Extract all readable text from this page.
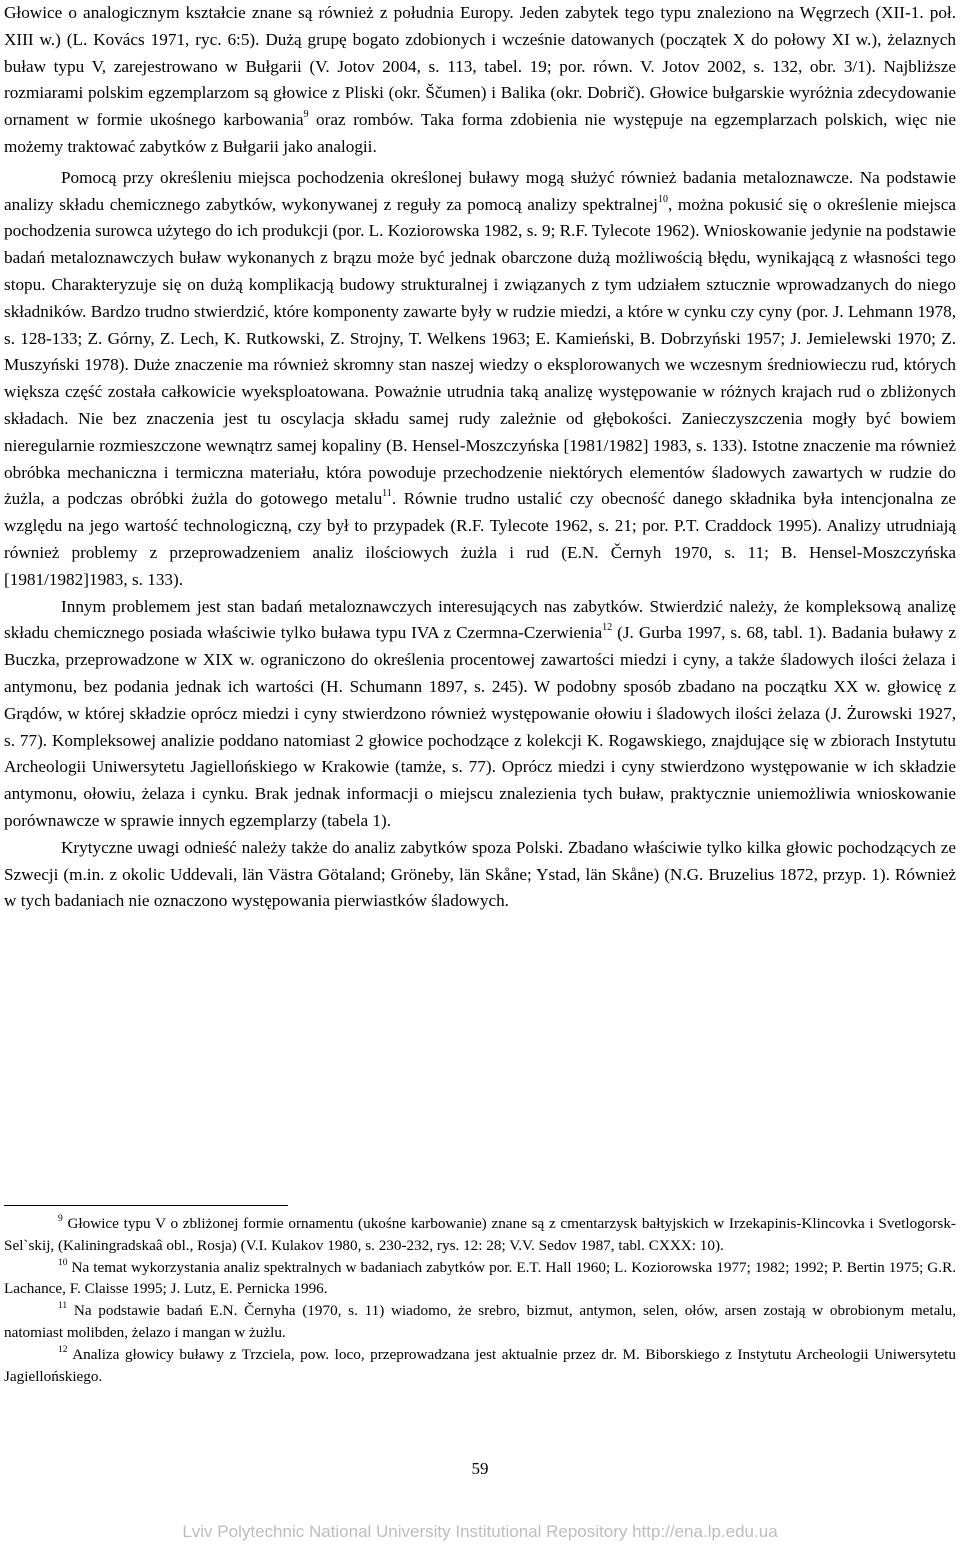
Głowice o analogicznym kształcie znane są również z południa Europy. Jeden zabytek tego typu znaleziono na Węgrzech (XII-1. poł. XIII w.) (L. Kovács 1971, ryc. 6:5). Dużą grupę bogato zdobionych i wcześnie datowanych (początek X do połowy XI w.), żelaznych buław typu V, zarejestrowano w Bułgarii (V. Jotov 2004, s. 113, tabel. 19; por. równ. V. Jotov 2002, s. 132, obr. 3/1). Najbliższe rozmiarami polskim egzemplarzom są głowice z Pliski (okr. Ščumen) i Balika (okr. Dobrič). Głowice bułgarskie wyróżnia zdecydowanie ornament w formie ukośnego karbowania$^9$ oraz rombów. Taka forma zdobienia nie występuje na egzemplarzach polskich, więc nie możemy traktować zabytków z Bułgarii jako analogii.

Pomocą przy określeniu miejsca pochodzenia określonej buławy mogą służyć również badania metaloznawcze. Na podstawie analizy składu chemicznego zabytków, wykonywanej z reguły za pomocą analizy spektralnej$^{10}$, można pokusić się o określenie miejsca pochodzenia surowca użytego do ich produkcji (por. L. Koziorowska 1982, s. 9; R.F. Tylecote 1962). Wnioskowanie jedynie na podstawie badań metaloznawczych buław wykonanych z brązu może być jednak obarczone dużą możliwością błędu, wynikającą z własności tego stopu. Charakteryzuje się on dużą komplikacją budowy strukturalnej i związanych z tym udziałem sztucznie wprowadzanych do niego składników. Bardzo trudno stwierdzić, które komponenty zawarte były w rudzie miedzi, a które w cynku czy cyny (por. J. Lehmann 1978, s. 128-133; Z. Górny, Z. Lech, K. Rutkowski, Z. Strojny, T. Welkens 1963; E. Kamieński, B. Dobrzyński 1957; J. Jemielewski 1970; Z. Muszyński 1978). Duże znaczenie ma również skromny stan naszej wiedzy o eksplorowanych we wczesnym średniowieczu rud, których większa część została całkowicie wyeksploatowana. Poważnie utrudnia taką analizę występowanie w różnych krajach rud o zbliżonych składach. Nie bez znaczenia jest tu oscylacja składu samej rudy zależnie od głębokości. Zanieczyszczenia mogły być bowiem nieregularnie rozmieszczone wewnątrz samej kopaliny (B. Hensel-Moszczyńska [1981/1982] 1983, s. 133). Istotne znaczenie ma również obróbka mechaniczna i termiczna materiału, która powoduje przechodzenie niektórych elementów śladowych zawartych w rudzie do żużla, a podczas obróbki żużla do gotowego metalu$^{11}$. Równie trudno ustalić czy obecność danego składnika była intencjonalna ze względu na jego wartość technologiczną, czy był to przypadek (R.F. Tylecote 1962, s. 21; por. P.T. Craddock 1995). Analizy utrudniają również problemy z przeprowadzeniem analiz ilościowych żużla i rud (E.N. Černyh 1970, s. 11; B. Hensel-Moszczyńska [1981/1982]1983, s. 133).

Innym problemem jest stan badań metaloznawczych interesujących nas zabytków. Stwierdzić należy, że kompleksową analizę składu chemicznego posiada właściwie tylko buława typu IVA z Czermna-Czerwienia$^{12}$ (J. Gurba 1997, s. 68, tabl. 1). Badania buławy z Buczka, przeprowadzone w XIX w. ograniczono do określenia procentowej zawartości miedzi i cyny, a także śladowych ilości żelaza i antymonu, bez podania jednak ich wartości (H. Schumann 1897, s. 245). W podobny sposób zbadano na początku XX w. głowicę z Grądów, w której składzie oprócz miedzi i cyny stwierdzono również występowanie ołowiu i śladowych ilości żelaza (J. Żurowski 1927, s. 77). Kompleksowej analizie poddano natomiast 2 głowice pochodzące z kolekcji K. Rogawskiego, znajdujące się w zbiorach Instytutu Archeologii Uniwersytetu Jagiellońskiego w Krakowie (tamże, s. 77). Oprócz miedzi i cyny stwierdzono występowanie w ich składzie antymonu, ołowiu, żelaza i cynku. Brak jednak informacji o miejscu znalezienia tych buław, praktycznie uniemożliwia wnioskowanie porównawcze w sprawie innych egzemplarzy (tabela 1).

Krytyczne uwagi odnieść należy także do analiz zabytków spoza Polski. Zbadano właściwie tylko kilka głowic pochodzących ze Szwecji (m.in. z okolic Uddevali, län Västra Götaland; Gröneby, län Skåne; Ystad, län Skåne) (N.G. Bruzelius 1872, przyp. 1). Również w tych badaniach nie oznaczono występowania pierwiastków śladowych.

$^9$ Głowice typu V o zbliżonej formie ornamentu (ukośne karbowanie) znane są z cmentarzysk bałtyjskich w Irzekapinis-Klincovka i Svetlogorsk-Sel`skij, (Kaliningradskaâ obl., Rosja) (V.I. Kulakov 1980, s. 230-232, rys. 12: 28; V.V. Sedov 1987, tabl. CXXX: 10).

$^{10}$ Na temat wykorzystania analiz spektralnych w badaniach zabytków por. E.T. Hall 1960; L. Koziorowska 1977; 1982; 1992; P. Bertin 1975; G.R. Lachance, F. Claisse 1995; J. Lutz, E. Pernicka 1996.

$^{11}$ Na podstawie badań E.N. Černyha (1970, s. 11) wiadomo, że srebro, bizmut, antymon, selen, ołów, arsen zostają w obrobionym metalu, natomiast molibden, żelazo i mangan w żużlu.

$^{12}$ Analiza głowicy buławy z Trzciela, pow. loco, przeprowadzana jest aktualnie przez dr. M. Biborskiego z Instytutu Archeologii Uniwersytetu Jagiellońskiego.

59
Lviv Polytechnic National University Institutional Repository http://ena.lp.edu.ua
